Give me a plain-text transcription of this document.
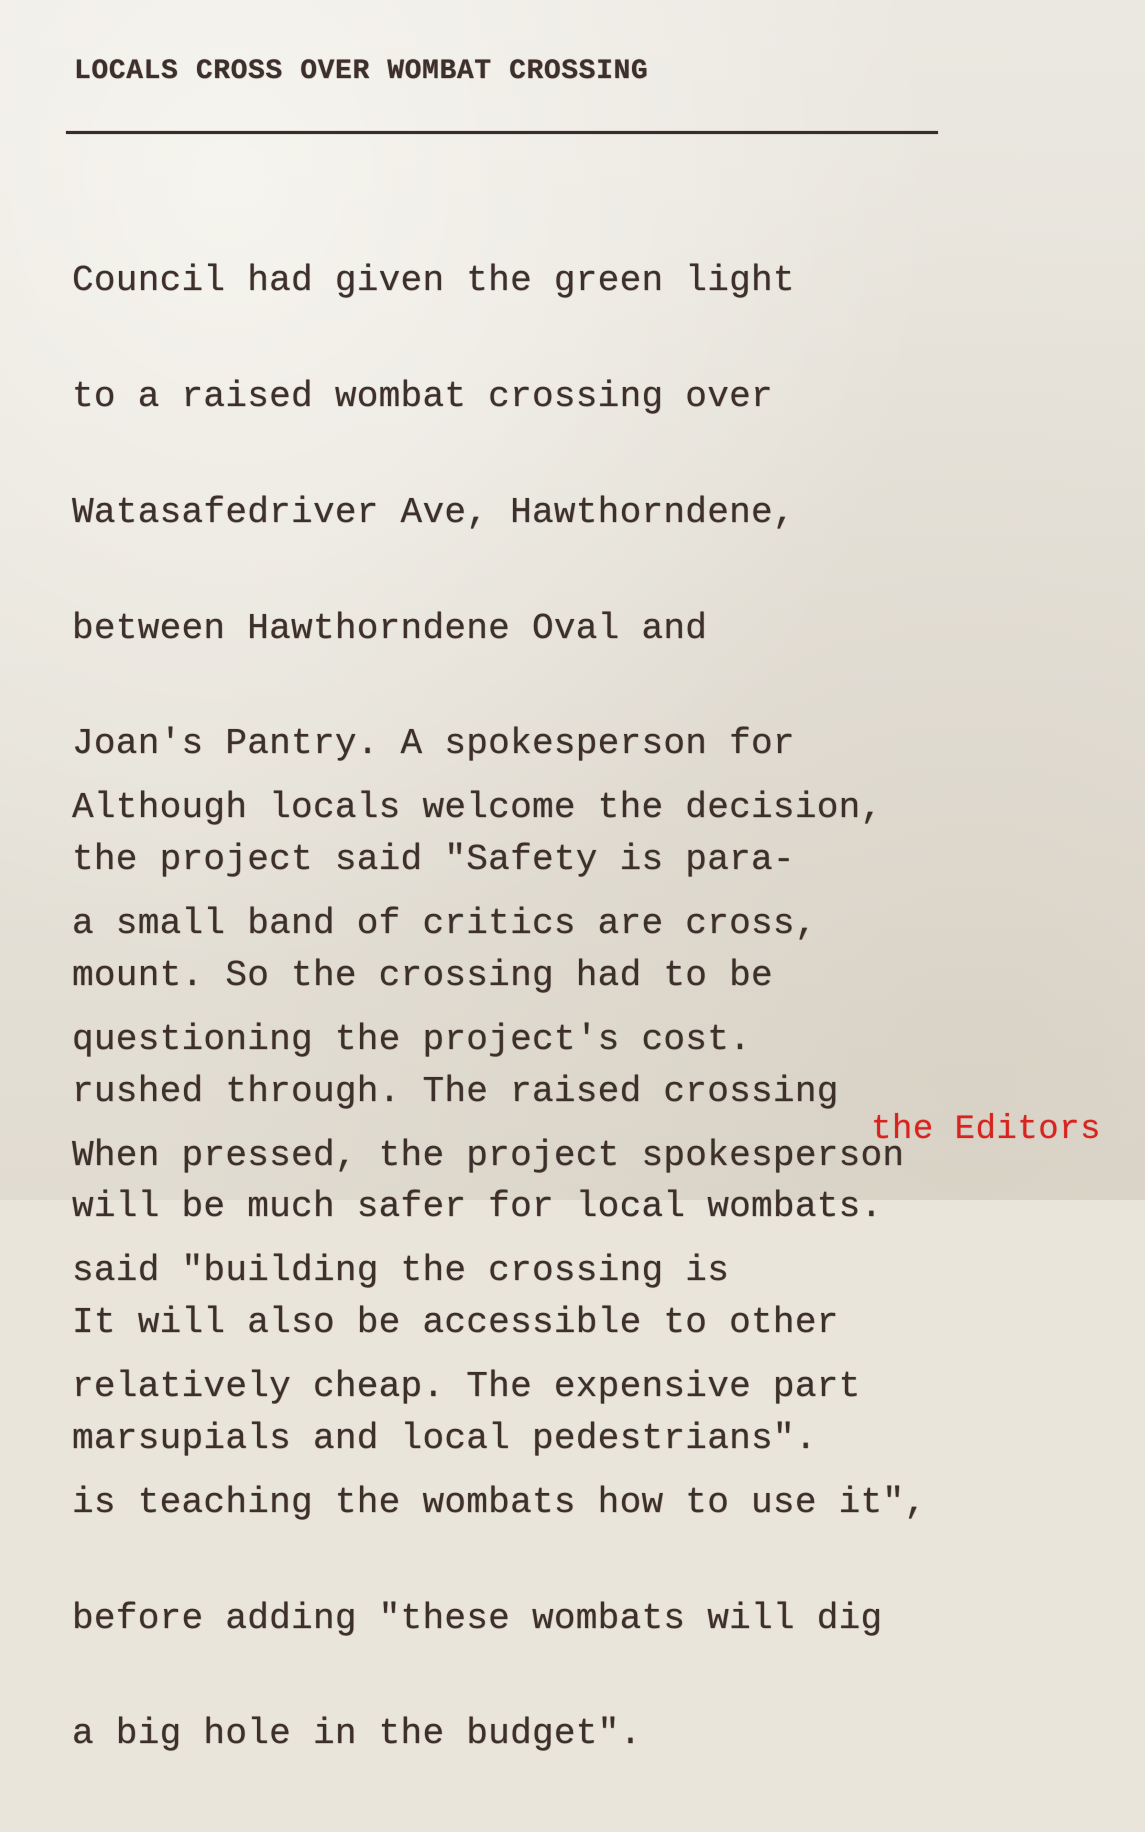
LOCALS CROSS OVER WOMBAT CROSSING

Council had given the green light

to a raised wombat crossing over

Watasafedriver Ave, Hawthorndene,

between Hawthorndene Oval and

Joan's Pantry. A spokesperson for

the project said "Safety is para-

mount. So the crossing had to be

rushed through. The raised crossing

will be much safer for local wombats.

It will also be accessible to other

marsupials and local pedestrians".

Although locals welcome the decision,

a small band of critics are cross,

questioning the project's cost.

When pressed, the project spokesperson

said "building the crossing is

relatively cheap. The expensive part

is teaching the wombats how to use it",

before adding "these wombats will dig

a big hole in the budget".

the Editors
